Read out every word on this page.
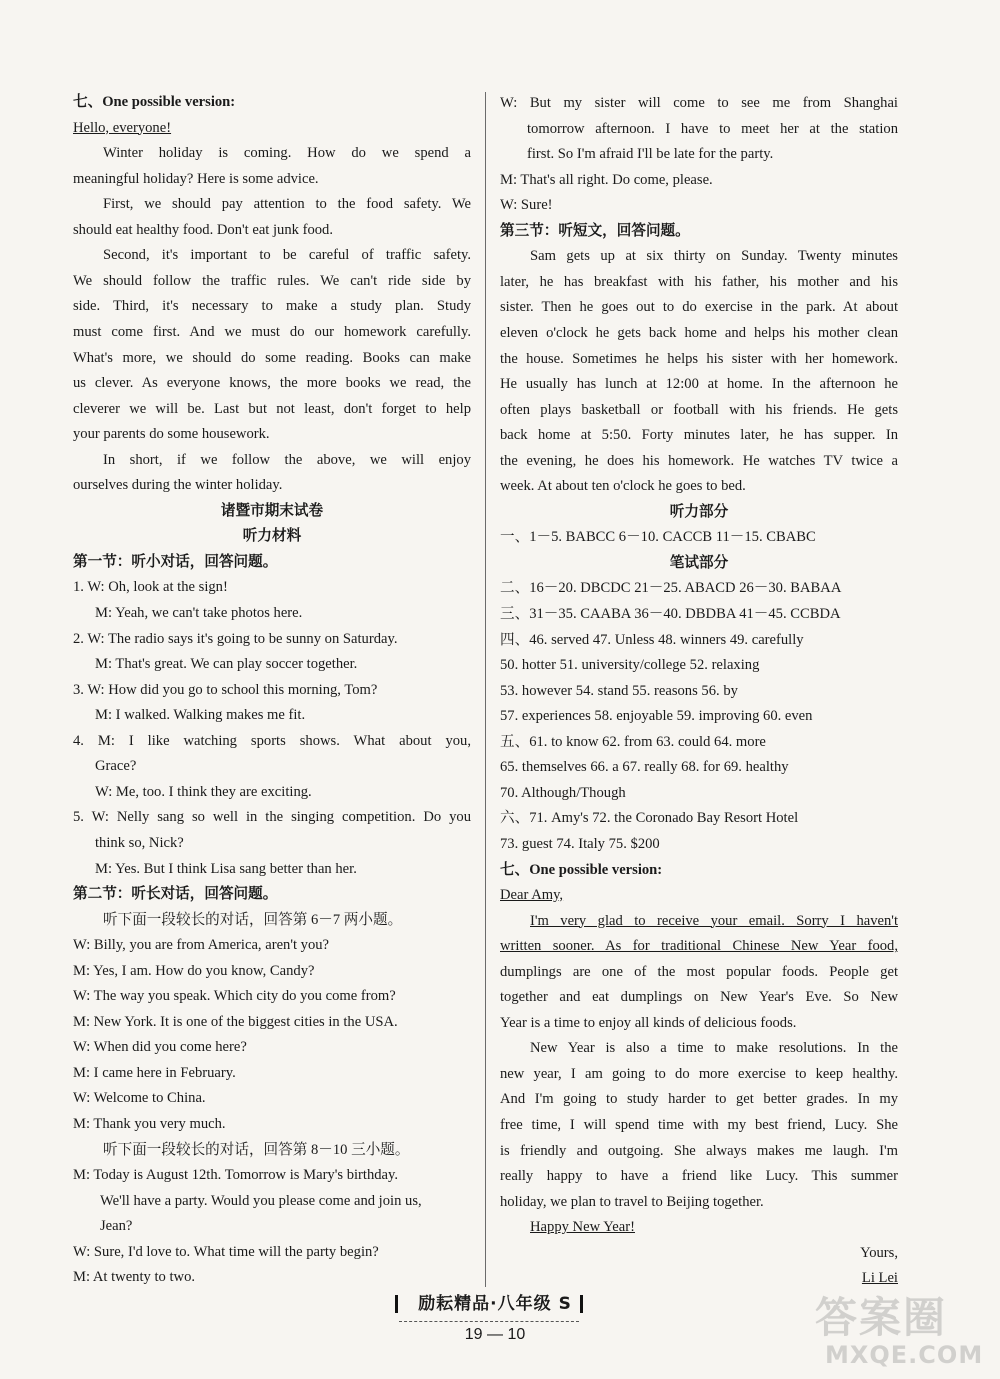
七、One possible version:
Hello, everyone!
Winter holiday is coming. How do we spend a
meaningful holiday? Here is some advice.
First, we should pay attention to the food safety. We
should eat healthy food. Don't eat junk food.
Second, it's important to be careful of traffic safety.
We should follow the traffic rules. We can't ride side by
side. Third, it's necessary to make a study plan. Study
must come first. And we must do our homework carefully.
What's more, we should do some reading. Books can make
us clever. As everyone knows, the more books we read, the
cleverer we will be. Last but not least, don't forget to help
your parents do some housework.
In short, if we follow the above, we will enjoy
ourselves during the winter holiday.
诸暨市期末试卷
听力材料
第一节：听小对话，回答问题。
1. W: Oh, look at the sign!
M: Yeah, we can't take photos here.
2. W: The radio says it's going to be sunny on Saturday.
M: That's great. We can play soccer together.
3. W: How did you go to school this morning, Tom?
M: I walked. Walking makes me fit.
4. M: I like watching sports shows. What about you,
Grace?
W: Me, too. I think they are exciting.
5. W: Nelly sang so well in the singing competition. Do you
think so, Nick?
M: Yes. But I think Lisa sang better than her.
第二节：听长对话，回答问题。
听下面一段较长的对话，回答第 6－7 两小题。
W: Billy, you are from America, aren't you?
M: Yes, I am. How do you know, Candy?
W: The way you speak. Which city do you come from?
M: New York. It is one of the biggest cities in the USA.
W: When did you come here?
M: I came here in February.
W: Welcome to China.
M: Thank you very much.
听下面一段较长的对话，回答第 8－10 三小题。
M: Today is August 12th. Tomorrow is Mary's birthday.
We'll have a party. Would you please come and join us,
Jean?
W: Sure, I'd love to. What time will the party begin?
M: At twenty to two.
W: But my sister will come to see me from Shanghai
tomorrow afternoon. I have to meet her at the station
first. So I'm afraid I'll be late for the party.
M: That's all right. Do come, please.
W: Sure!
第三节：听短文，回答问题。
Sam gets up at six thirty on Sunday. Twenty minutes
later, he has breakfast with his father, his mother and his
sister. Then he goes out to do exercise in the park. At about
eleven o'clock he gets back home and helps his mother clean
the house. Sometimes he helps his sister with her homework.
He usually has lunch at 12:00 at home. In the afternoon he
often plays basketball or football with his friends. He gets
back home at 5:50. Forty minutes later, he has supper. In
the evening, he does his homework. He watches TV twice a
week. At about ten o'clock he goes to bed.
听力部分
一、1－5. BABCC 6－10. CACCB 11－15. CBABC
笔试部分
二、16－20. DBCDC 21－25. ABACD 26－30. BABAA
三、31－35. CAABA 36－40. DBDBA 41－45. CCBDA
四、46. served 47. Unless 48. winners 49. carefully
50. hotter 51. university/college 52. relaxing
53. however 54. stand 55. reasons 56. by
57. experiences 58. enjoyable 59. improving 60. even
五、61. to know 62. from 63. could 64. more
65. themselves 66. a 67. really 68. for 69. healthy
70. Although/Though
六、71. Amy's 72. the Coronado Bay Resort Hotel
73. guest 74. Italy 75. $200
七、One possible version:
Dear Amy,
I'm very glad to receive your email. Sorry I haven't
written sooner. As for traditional Chinese New Year food,
dumplings are one of the most popular foods. People get
together and eat dumplings on New Year's Eve. So New
Year is a time to enjoy all kinds of delicious foods.
New Year is also a time to make resolutions. In the
new year, I am going to do more exercise to keep healthy.
And I'm going to study harder to get better grades. In my
free time, I will spend time with my best friend, Lucy. She
is friendly and outgoing. She always makes me laugh. I'm
really happy to have a friend like Lucy. This summer
holiday, we plan to travel to Beijing together.
Happy New Year!
Yours,
Li Lei
励耘精品·八年级 S
19 — 10	答案圈
MXQE.COM
